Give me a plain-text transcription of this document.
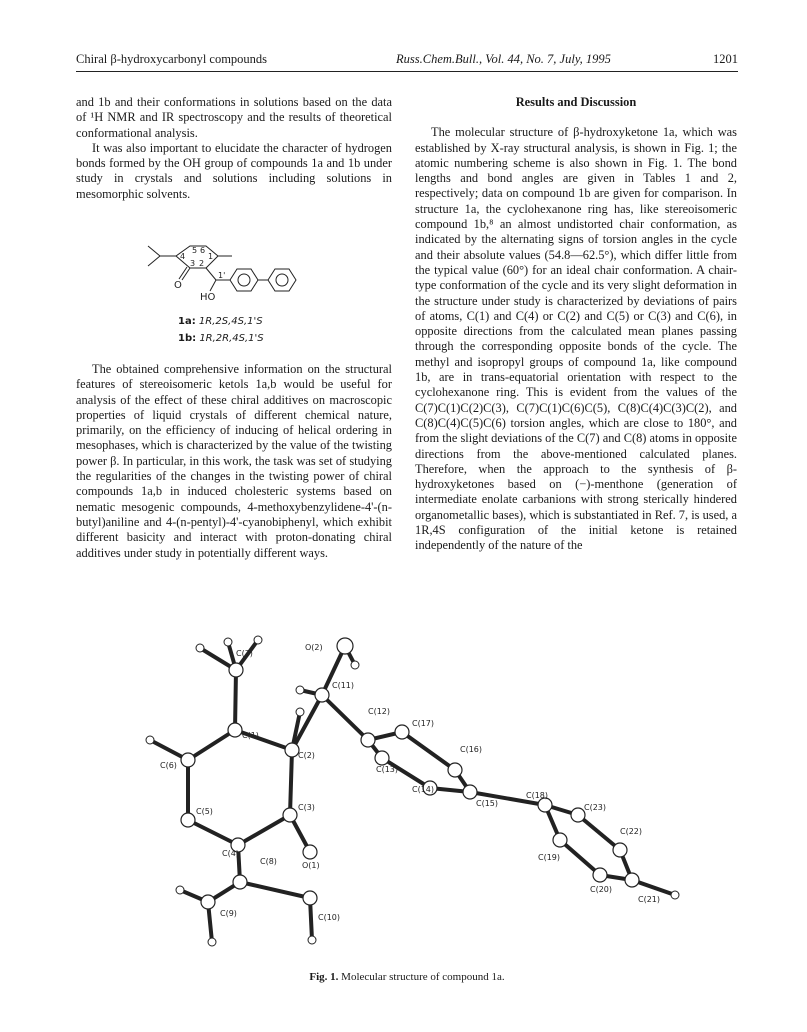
Chiral β-hydroxycarbonyl compounds	Russ.Chem.Bull., Vol. 44, No. 7, July, 1995	1201

and 1b and their conformations in solutions based on the data of ¹H NMR and IR spectroscopy and the results of theoretical conformational analysis.

It was also important to elucidate the character of hydrogen bonds formed by the OH group of compounds 1a and 1b under study in crystals and solutions including solutions in mesomorphic solvents.

5 6
4	1
3 2
1'
O
HO
1a: 1R,2S,4S,1'S
1b: 1R,2R,4S,1'S

The obtained comprehensive information on the structural features of stereoisomeric ketols 1a,b would be useful for analysis of the effect of these chiral additives on macroscopic properties of liquid crystals of different chemical nature, primarily, on the efficiency of inducing of helical ordering in mesophases, which is characterized by the value of the twisting power β. In particular, in this work, the task was set of studying the regularities of the changes in the twisting power of chiral compounds 1a,b in induced cholesteric systems based on nematic mesogenic compounds, 4-methoxybenzylidene-4'-(n-butyl)aniline and 4-(n-pentyl)-4'-cyanobiphenyl, which exhibit different basicity and interact with proton-donating chiral additives under study in potentially different ways.

Results and Discussion

The molecular structure of β-hydroxyketone 1a, which was established by X-ray structural analysis, is shown in Fig. 1; the atomic numbering scheme is also shown in Fig. 1. The bond lengths and bond angles are given in Tables 1 and 2, respectively; data on compound 1b are given for comparison. In structure 1a, the cyclohexanone ring has, like stereoisomeric compound 1b,⁸ an almost undistorted chair conformation, as indicated by the alternating signs of torsion angles in the cycle and their absolute values (54.8—62.5°), which differ little from the typical value (60°) for an ideal chair conformation. A chair-type conformation of the cycle and its very slight deformation in the structure under study is characterized by deviations of pairs of atoms, C(1) and C(4) or C(2) and C(5) or C(3) and C(6), in opposite directions from the calculated mean planes passing through the corresponding opposite bonds of the cycle. The methyl and isopropyl groups of compound 1a, like compound 1b, are in trans-equatorial orientation with respect to the cyclohexanone ring. This is evident from the values of the C(7)C(1)C(2)C(3), C(7)C(1)C(6)C(5), C(8)C(4)C(3)C(2), and C(8)C(4)C(5)C(6) torsion angles, which are close to 180°, and from the slight deviations of the C(7) and C(8) atoms in opposite directions from the above-mentioned calculated planes. Therefore, when the approach to the synthesis of β-hydroxyketones based on (−)-menthone (generation of intermediate enolate carbanions with strong sterically hindered organometallic bases), which is substantiated in Ref. 7, is used, a 1R,4S configuration of the initial ketone is retained independently of the nature of the

C(7)
O(2)
C(11)
C(12)
C(17)
C(1)
C(6)
C(2)
C(16)
C(13)
C(5)	C(3)
C(14)
C(15)
C(18)
C(23)
C(4)
O(1)
C(22)
C(19)
C(8)
C(20)
C(21)
C(9)	C(10)
Fig. 1. Molecular structure of compound 1a.
